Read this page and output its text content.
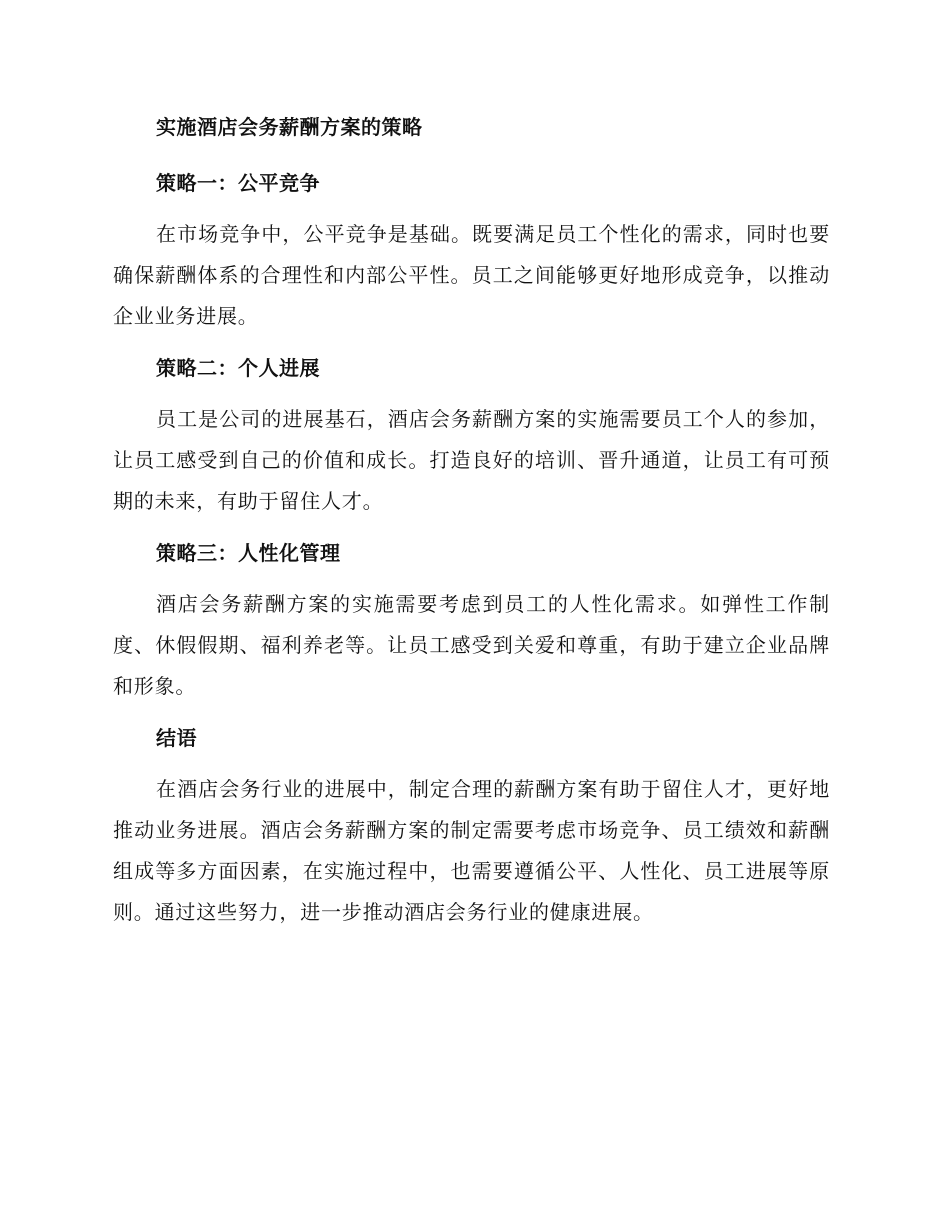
实施酒店会务薪酬方案的策略
策略一：公平竞争

在市场竞争中，公平竞争是基础。既要满足员工个性化的需求，同时也要确保薪酬体系的合理性和内部公平性。员工之间能够更好地形成竞争，以推动企业业务进展。

策略二：个人进展

员工是公司的进展基石，酒店会务薪酬方案的实施需要员工个人的参加，让员工感受到自己的价值和成长。打造良好的培训、晋升通道，让员工有可预期的未来，有助于留住人才。

策略三：人性化管理

酒店会务薪酬方案的实施需要考虑到员工的人性化需求。如弹性工作制度、休假假期、福利养老等。让员工感受到关爱和尊重，有助于建立企业品牌和形象。

结语

在酒店会务行业的进展中，制定合理的薪酬方案有助于留住人才，更好地推动业务进展。酒店会务薪酬方案的制定需要考虑市场竞争、员工绩效和薪酬组成等多方面因素，在实施过程中，也需要遵循公平、人性化、员工进展等原则。通过这些努力，进一步推动酒店会务行业的健康进展。
